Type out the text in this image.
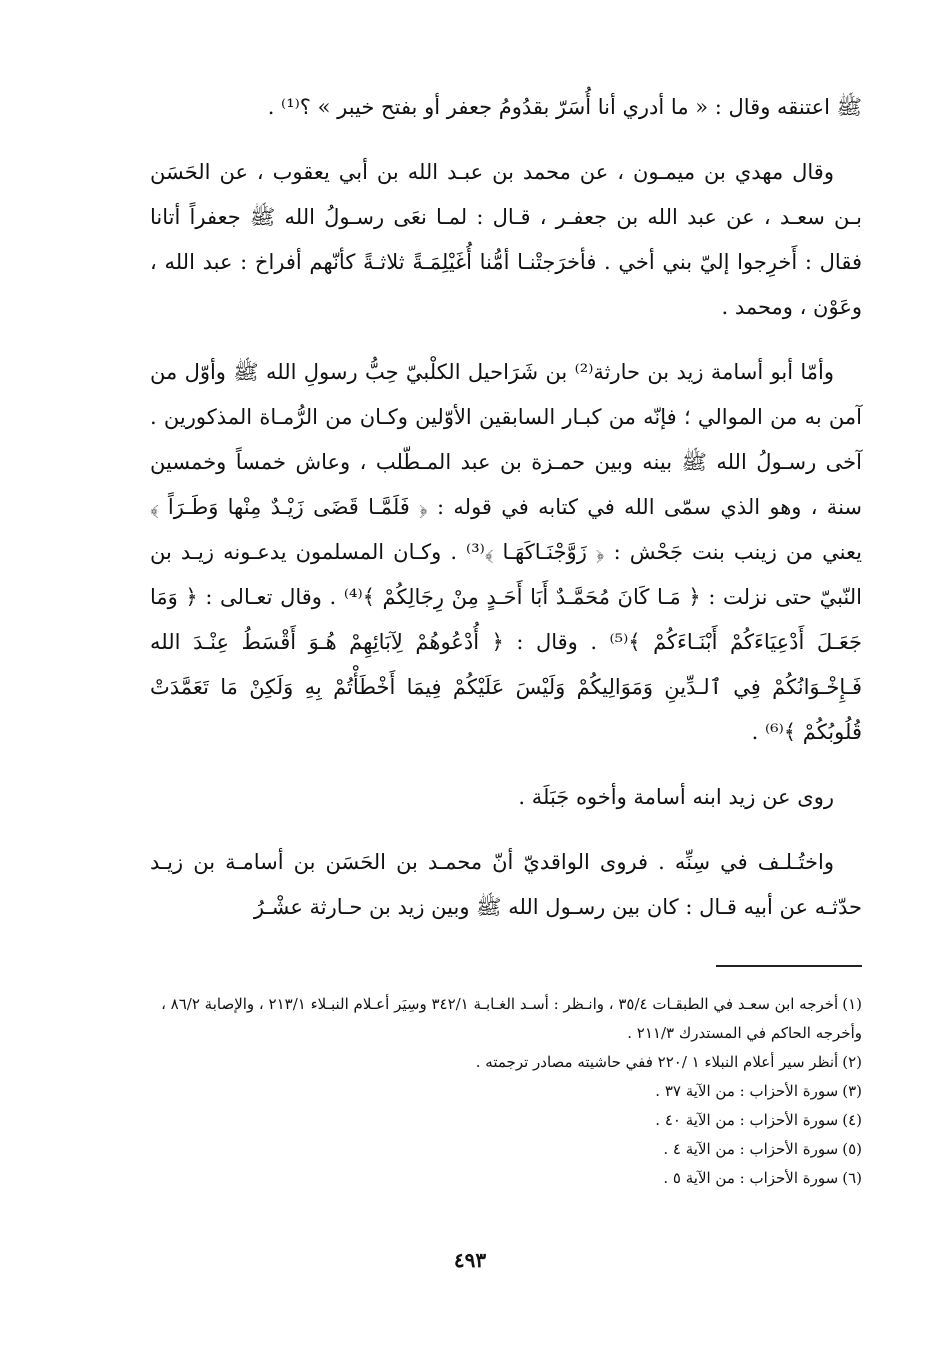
ﷺ اعتنقه وقال : « ما أدري أنا أُسَرّ بقدُومُ جعفر أو بفتح خيبر » ؟⁽¹⁾ .

وقال مهدي بن ميمـون ، عن محمد بن عبـد الله بن أبي يعقوب ، عن الحَسَن بـن سعـد ، عن عبد الله بن جعفـر ، قـال : لمـا نعَى رسـولُ الله ﷺ جعفراً أتانا فقال : أَخرِجوا إليّ بني أخي . فأخرَجتْنـا أمُّنا أُغَيْلِمَـةً ثلاثـةً كأنّهم أفراخ : عبد الله ، وعَوْن ، ومحمد .

وأمّا أبو أسامة زيد بن حارثة⁽²⁾ بن شَرَاحيل الكلْبيّ حِبُّ رسولِ الله ﷺ وأوّل من آمن به من الموالي ؛ فإنّه من كبـار السابقين الأوّلين وكـان من الرُّمـاة المذكورين . آخى رسـولُ الله ﷺ بينه وبين حمـزة بن عبد المـطّلب ، وعاش خمساً وخمسين سنة ، وهو الذي سمّى الله في كتابه في قوله : ﴿ فَلَمَّـا قَضَى زَيْـدٌ مِنْها وَطَـرَاً ﴾ يعني من زينب بنت جَحْش : ﴿ زَوَّجْنَـاكَهَـا ﴾⁽³⁾ . وكـان المسلمون يدعـونه زيـد بن النّبيّ حتى نزلت : ﴿ مَـا كَانَ مُحَمَّـدٌ أَبَا أَحَـدٍ مِنْ رِجَالِكُمْ ﴾⁽⁴⁾ . وقال تعـالى : ﴿ وَمَا جَعَـلَ أَدْعِيَاءَكُمْ أَبْنَـاءَكُمْ ﴾⁽⁵⁾ . وقال : ﴿ أُدْعُوهُمْ لِآبَائِهِمْ هُـوَ أَقْسَطُ عِنْـدَ الله فَـإِخْـوَانُكُمْ فِي ٱلـدِّينِ وَمَوَالِيكُمْ وَلَيْسَ عَلَيْكُمْ فِيمَا أَخْطَأْتُمْ بِهِ وَلَكِنْ مَا تَعَمَّدَتْ قُلُوبُكُمْ ﴾⁽⁶⁾ .

روى عن زيد ابنه أسامة وأخوه جَبَلَة .

واختُـلـف في سِنِّه . فروى الواقديّ أنّ محمـد بن الحَسَن بن أسامـة بن زيـد حدّثـه عن أبيه قـال : كان بين رسـول الله ﷺ وبين زيد بن حـارثة عشْـرُ

(١)أخرجه ابن سعـد في الطبقـات ٣٥/٤ ، وانـظر : أسـد الغـابـة ٣٤٢/١ وسِيَر أعـلام النبـلاء ٢١٣/١ ، والإصابة ٨٦/٢ ، وأخرجه الحاكم في المستدرك ٢١١/٣ .

(٢)أنظر سير أعلام النبلاء ١ /٢٢٠ ففي حاشيته مصادر ترجمته .

(٣)سورة الأحزاب : من الآية ٣٧ .

(٤)سورة الأحزاب : من الآية ٤٠ .

(٥)سورة الأحزاب : من الآية ٤ .

(٦)سورة الأحزاب : من الآية ٥ .

٤٩٣
